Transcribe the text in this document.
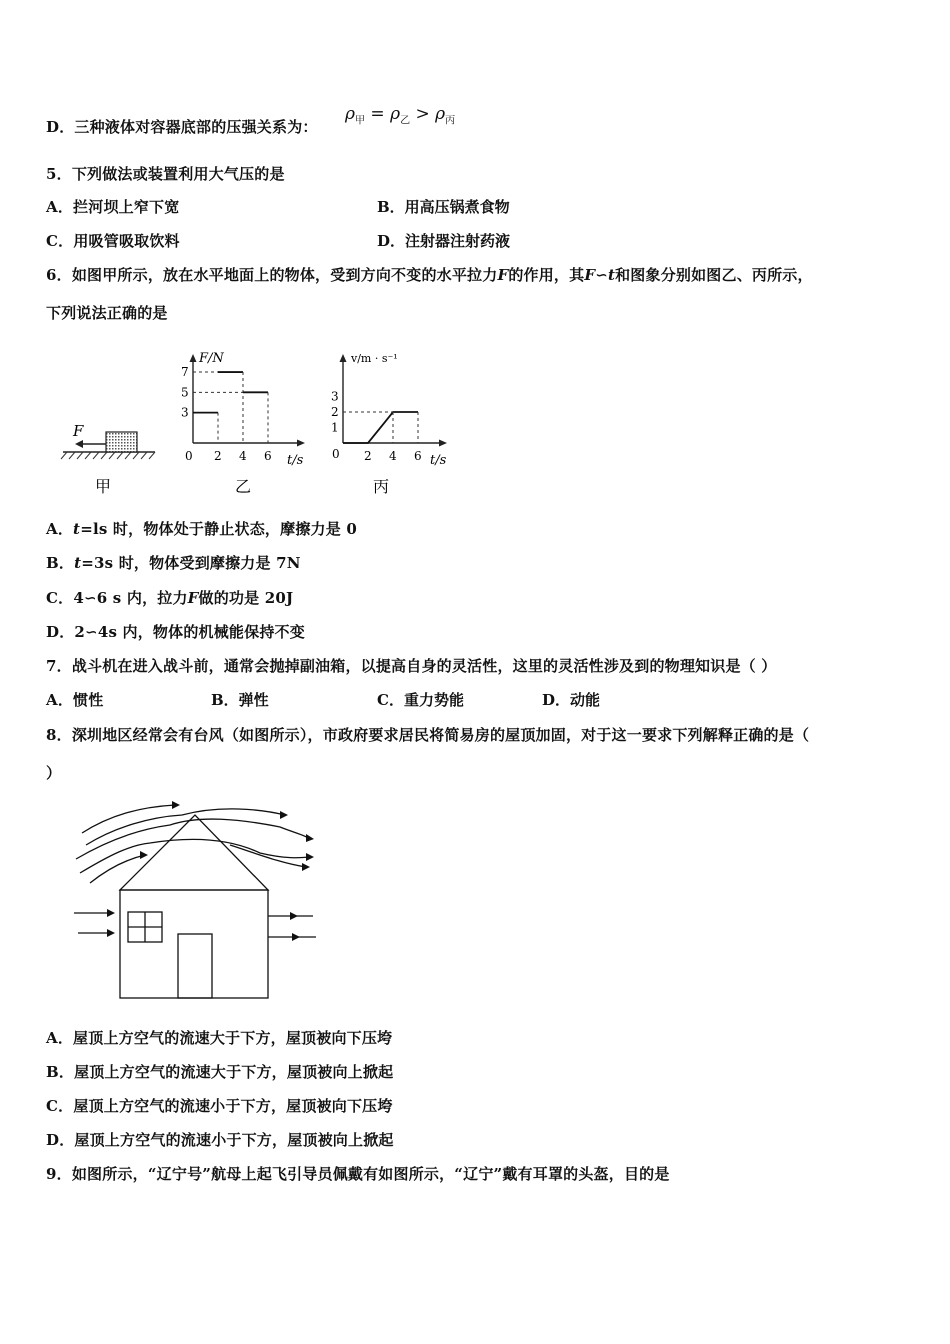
D．三种液体对容器底部的压强关系为：
$\rho_甲 = \rho_乙 > \rho_丙$
5．下列做法或装置利用大气压的是
A．拦河坝上窄下宽	B．用高压锅煮食物
C．用吸管吸取饮料	D．注射器注射药液
6．如图甲所示，放在水平地面上的物体，受到方向不变的水平拉力F的作用，其F∽t和图象分别如图乙、丙所示，
下列说法正确的是
F
甲
F/N
t/s
0 2 4 6
3
5
7
乙
v/m · s⁻¹
t/s
0 2 4 6
1
2
3
丙
A．t=ls 时，物体处于静止状态，摩擦力是 0
B．t=3s 时，物体受到摩擦力是 7N
C．4∽6 s 内，拉力F做的功是 20J
D．2∽4s 内，物体的机械能保持不变
7．战斗机在进入战斗前，通常会抛掉副油箱，以提高自身的灵活性，这里的灵活性涉及到的物理知识是（ ）
A．惯性	B．弹性	C．重力势能	D．动能
8．深圳地区经常会有台风（如图所示），市政府要求居民将简易房的屋顶加固，对于这一要求下列解释正确的是（
）
A．屋顶上方空气的流速大于下方，屋顶被向下压垮
B．屋顶上方空气的流速大于下方，屋顶被向上掀起
C．屋顶上方空气的流速小于下方，屋顶被向下压垮
D．屋顶上方空气的流速小于下方，屋顶被向上掀起
9．如图所示，“辽宁号”航母上起飞引导员佩戴有如图所示，“辽宁”戴有耳罩的头盔，目的是
